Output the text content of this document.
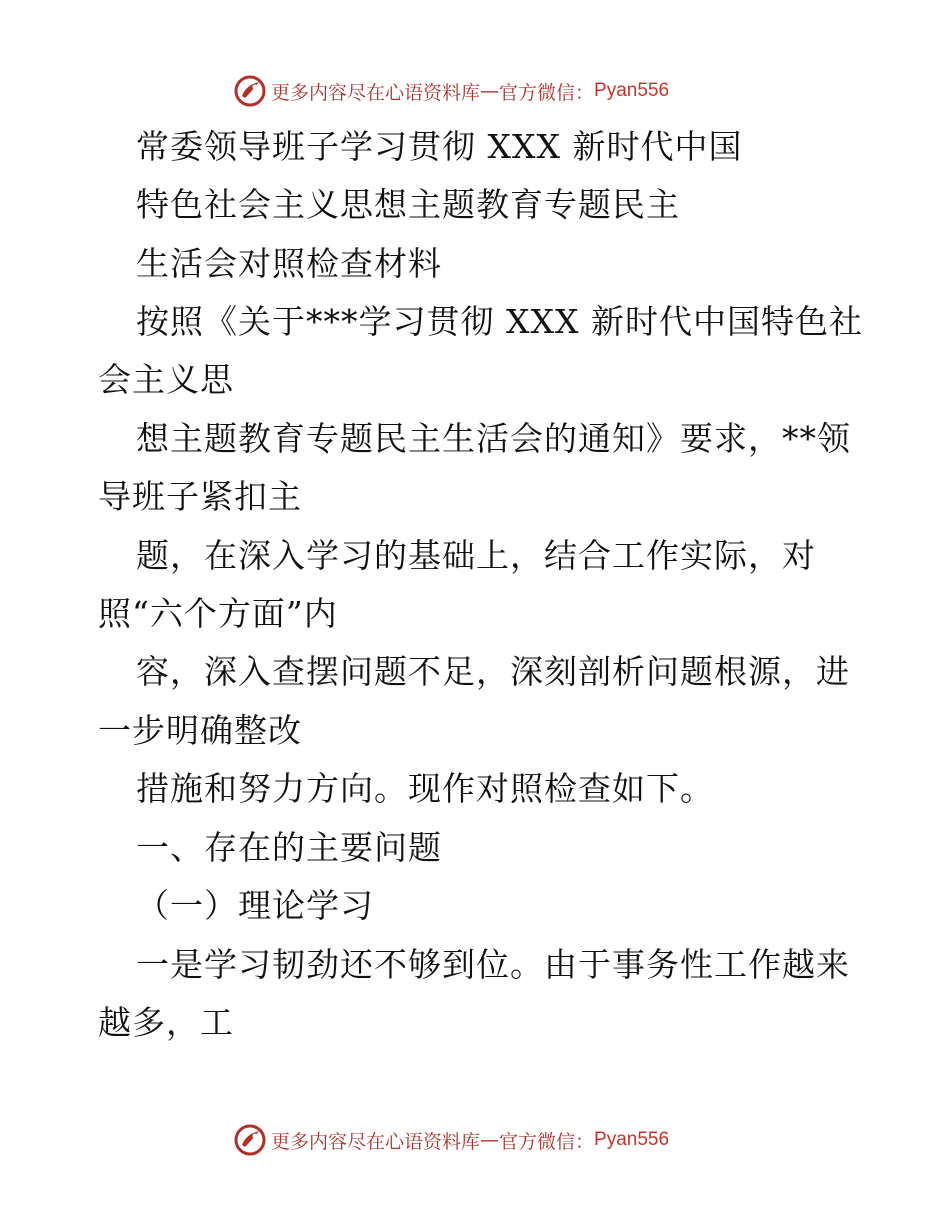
更多内容尽在心语资料库 — 官方微信： Pyan556
常委领导班子学习贯彻 XXX 新时代中国
特色社会主义思想主题教育专题民主
生活会对照检查材料
按照《关于***学习贯彻 XXX 新时代中国特色社
会主义思
想主题教育专题民主生活会的通知》要求，**领
导班子紧扣主
题，在深入学习的基础上，结合工作实际，对
照“六个方面”内
容，深入查摆问题不足，深刻剖析问题根源，进
一步明确整改
措施和努力方向。现作对照检查如下。
一、存在的主要问题
（一）理论学习
一是学习韧劲还不够到位。由于事务性工作越来
越多，工
更多内容尽在心语资料库 — 官方微信： Pyan556
